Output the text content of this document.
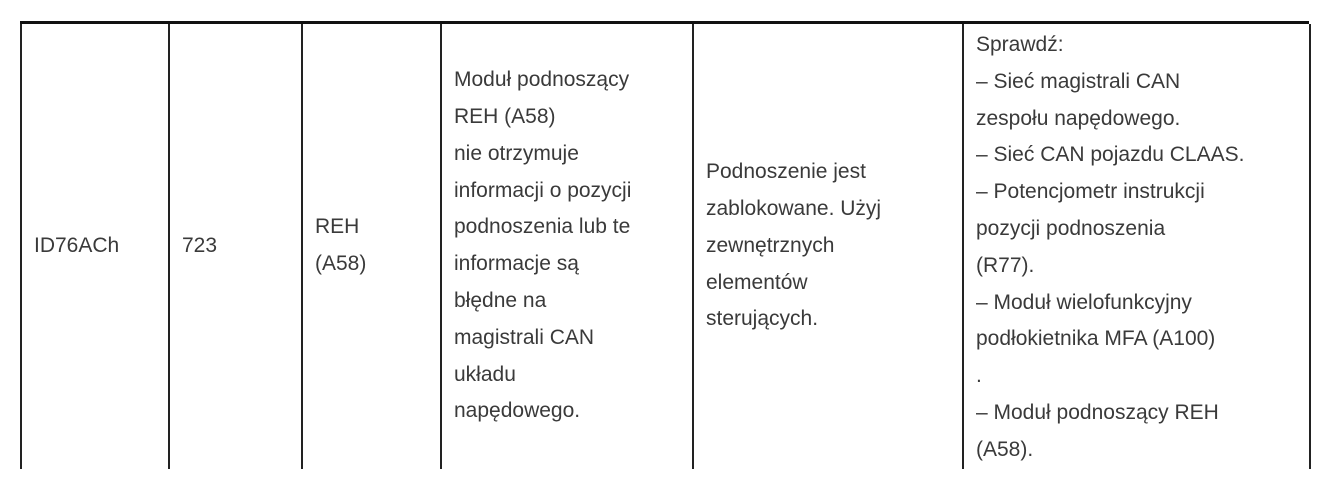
ID76ACh	723

REH
(A58)

Moduł podnoszący
REH (A58)
nie otrzymuje
informacji o pozycji
podnoszenia lub te
informacje są
błędne na
magistrali CAN
układu
napędowego.

Podnoszenie jest
zablokowane. Użyj
zewnętrznych
elementów
sterujących.

Sprawdź:
– Sieć magistrali CAN
zespołu napędowego.
– Sieć CAN pojazdu CLAAS.
– Potencjometr instrukcji
pozycji podnoszenia
(R77).
– Moduł wielofunkcyjny
podłokietnika MFA (A100)
.
– Moduł podnoszący REH
(A58).
